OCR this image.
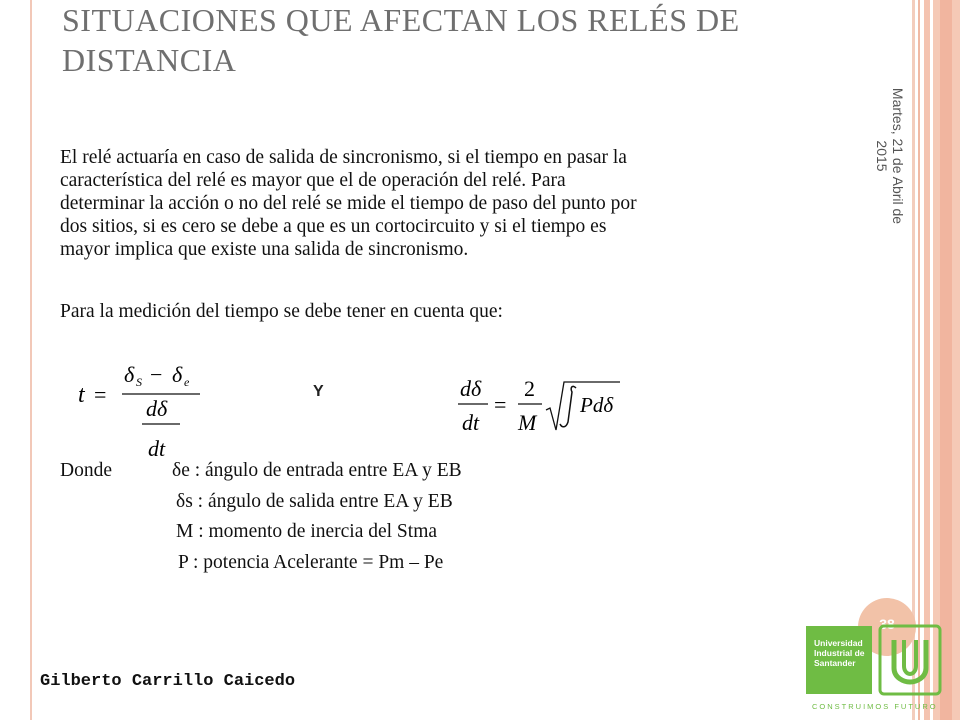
SITUACIONES QUE AFECTAN LOS RELÉS DE
DISTANCIA
Martes, 21 de Abril de
2015

El relé actuaría en caso de salida de sincronismo, si el tiempo en pasar la
característica del relé es mayor que el de operación del relé. Para
determinar la acción o no del relé se mide el tiempo de paso del punto por
dos sitios, si es cero se debe a que es un cortocircuito y si el tiempo es
mayor implica que existe una salida de sincronismo.

Para la medición del tiempo se debe tener en cuenta que:
t =
δ S − δ e
dδ
dt
Y	dδ
dt
=
2
M
Pdδ
Donde	δe : ángulo de entrada entre EA y EB
δs : ángulo de salida entre EA y EB
M : momento de inercia del Stma
P : potencia Acelerante = Pm – Pe
Gilberto Carrillo Caicedo
38
Universidad
Industrial de
Santander
CONSTRUIMOS FUTURO
